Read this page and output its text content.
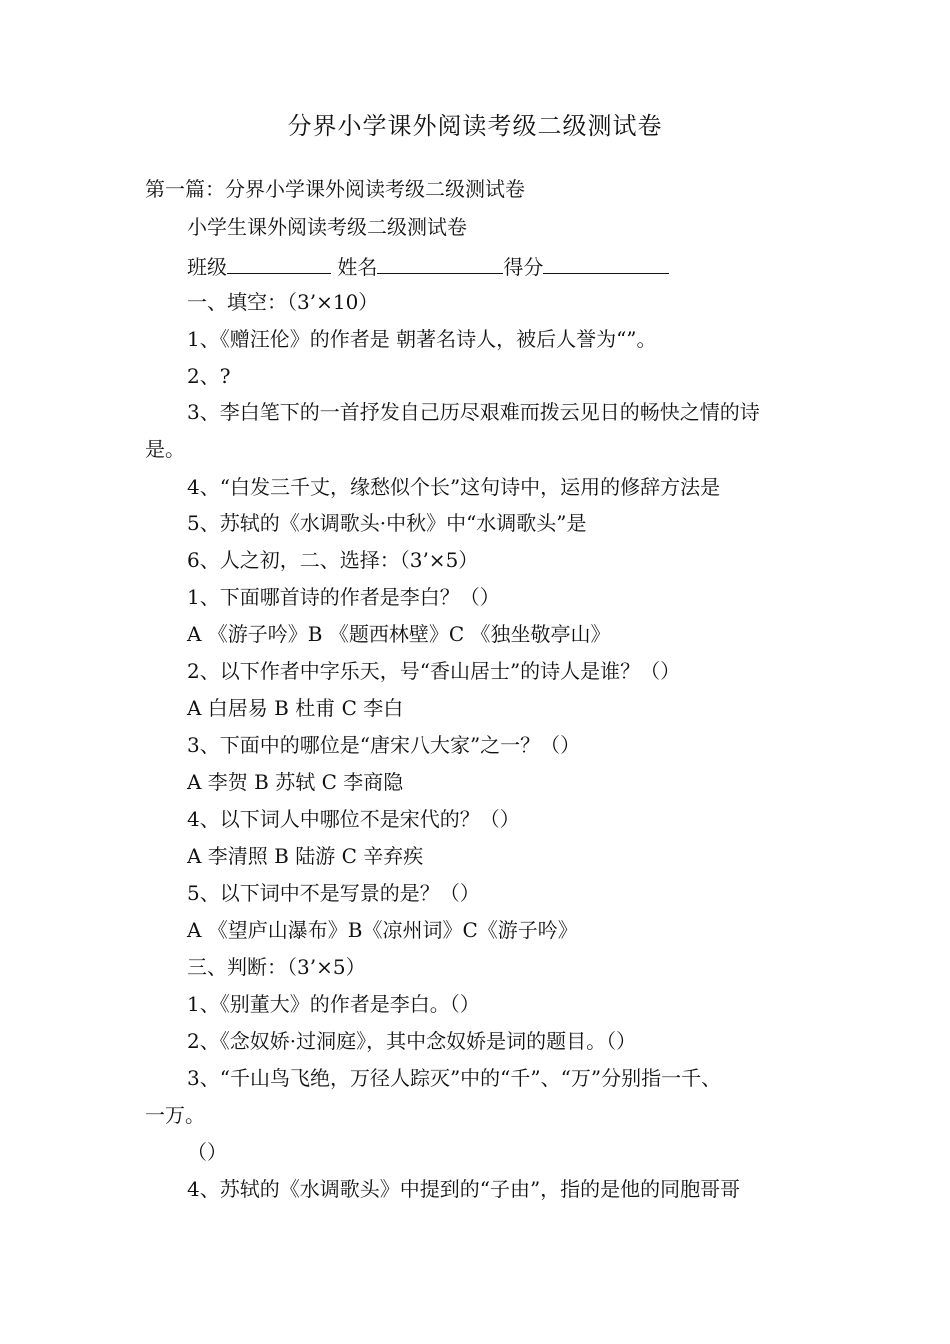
分界小学课外阅读考级二级测试卷
第一篇：分界小学课外阅读考级二级测试卷
小学生课外阅读考级二级测试卷
班级	姓名	得分
一、填空：（3’×10）
1、《赠汪伦》的作者是 朝著名诗人，被后人誉为“”。
2、?
3、李白笔下的一首抒发自己历尽艰难而拨云见日的畅快之情的诗
是。
4、“白发三千丈，缘愁似个长”这句诗中，运用的修辞方法是
5、苏轼的《水调歌头·中秋》中“水调歌头”是
6、人之初，二、选择：（3’×5）
1、下面哪首诗的作者是李白？（）
A 《游子吟》B 《题西林壁》C 《独坐敬亭山》
2、以下作者中字乐天，号“香山居士”的诗人是谁？（）
A 白居易 B 杜甫 C 李白
3、下面中的哪位是“唐宋八大家”之一？（）
A 李贺 B 苏轼 C 李商隐
4、以下词人中哪位不是宋代的？（）
A 李清照 B 陆游 C 辛弃疾
5、以下词中不是写景的是？（）
A 《望庐山瀑布》B《凉州词》C《游子吟》
三、判断：（3’×5）
1、《别董大》的作者是李白。（）
2、《念奴娇·过洞庭》，其中念奴娇是词的题目。（）
3、“千山鸟飞绝，万径人踪灭”中的“千”、“万”分别指一千、
一万。
（）
4、苏轼的《水调歌头》中提到的“子由”，指的是他的同胞哥哥
